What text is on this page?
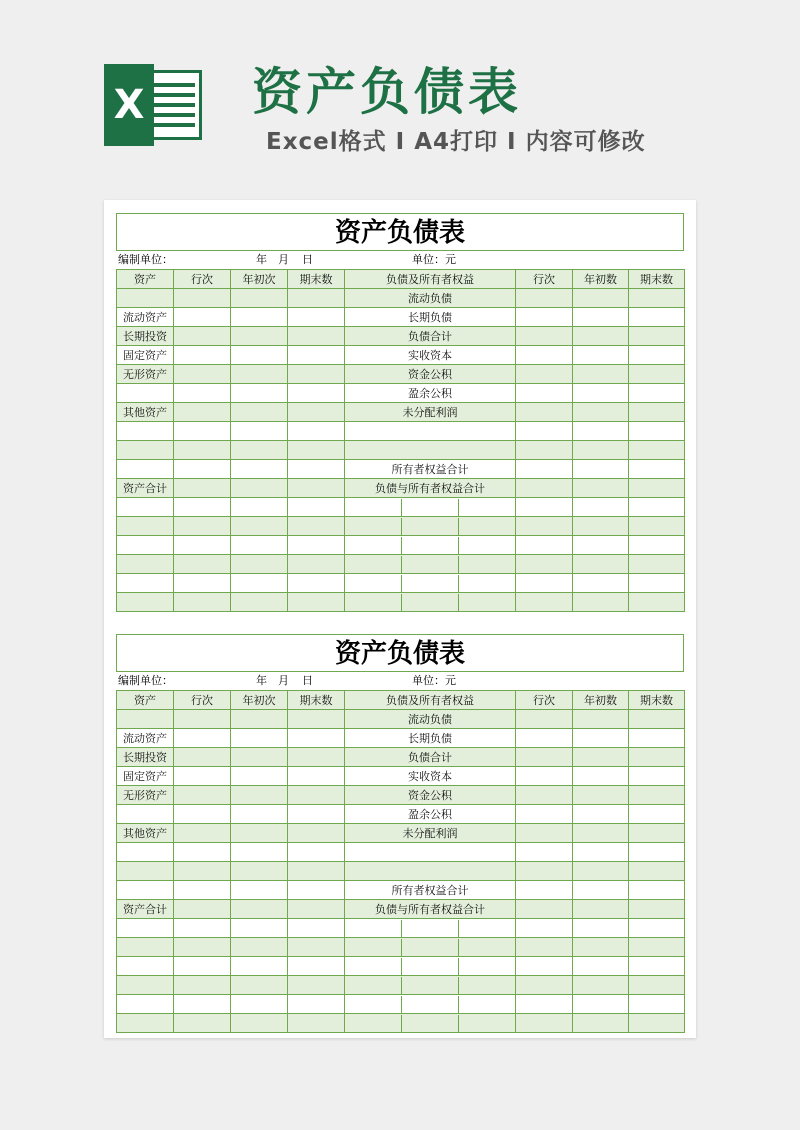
X 资产负债表
Excel格式 I A4打印 I 内容可修改
资产负债表
编制单位：	年 月 日	单位：元
资产	行次	年初次	期末数	负债及所有者权益	行次	年初数	期末数
				流动负债			
流动资产				长期负债			
长期投资				负债合计			
固定资产				实收资本			
无形资产				资金公积			
				盈余公积			
其他资产				未分配利润			

				所有者权益合计			
资产合计				负债与所有者权益合计			

资产负债表
编制单位：	年 月 日	单位：元
资产	行次	年初次	期末数	负债及所有者权益	行次	年初数	期末数
				流动负债			
流动资产				长期负债			
长期投资				负债合计			
固定资产				实收资本			
无形资产				资金公积			
				盈余公积			
其他资产				未分配利润			

				所有者权益合计			
资产合计				负债与所有者权益合计			
